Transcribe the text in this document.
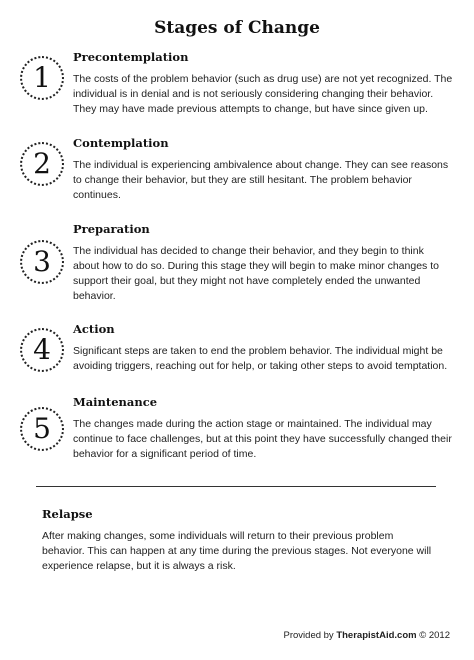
Stages of Change
1
Precontemplation
The costs of the problem behavior (such as drug use) are not yet recognized. The individual is in denial and is not seriously considering changing their behavior. They may have made previous attempts to change, but have since given up.
2
Contemplation
The individual is experiencing ambivalence about change. They can see reasons to change their behavior, but they are still hesitant. The problem behavior continues.
3
Preparation
The individual has decided to change their behavior, and they begin to think about how to do so. During this stage they will begin to make minor changes to support their goal, but they might not have completely ended the unwanted behavior.
4
Action
Significant steps are taken to end the problem behavior. The individual might be avoiding triggers, reaching out for help, or taking other steps to avoid temptation.
5
Maintenance
The changes made during the action stage or maintained. The individual may continue to face challenges, but at this point they have successfully changed their behavior for a significant period of time.
Relapse
After making changes, some individuals will return to their previous problem behavior. This can happen at any time during the previous stages. Not everyone will experience relapse, but it is always a risk.
Provided by TherapistAid.com © 2012
